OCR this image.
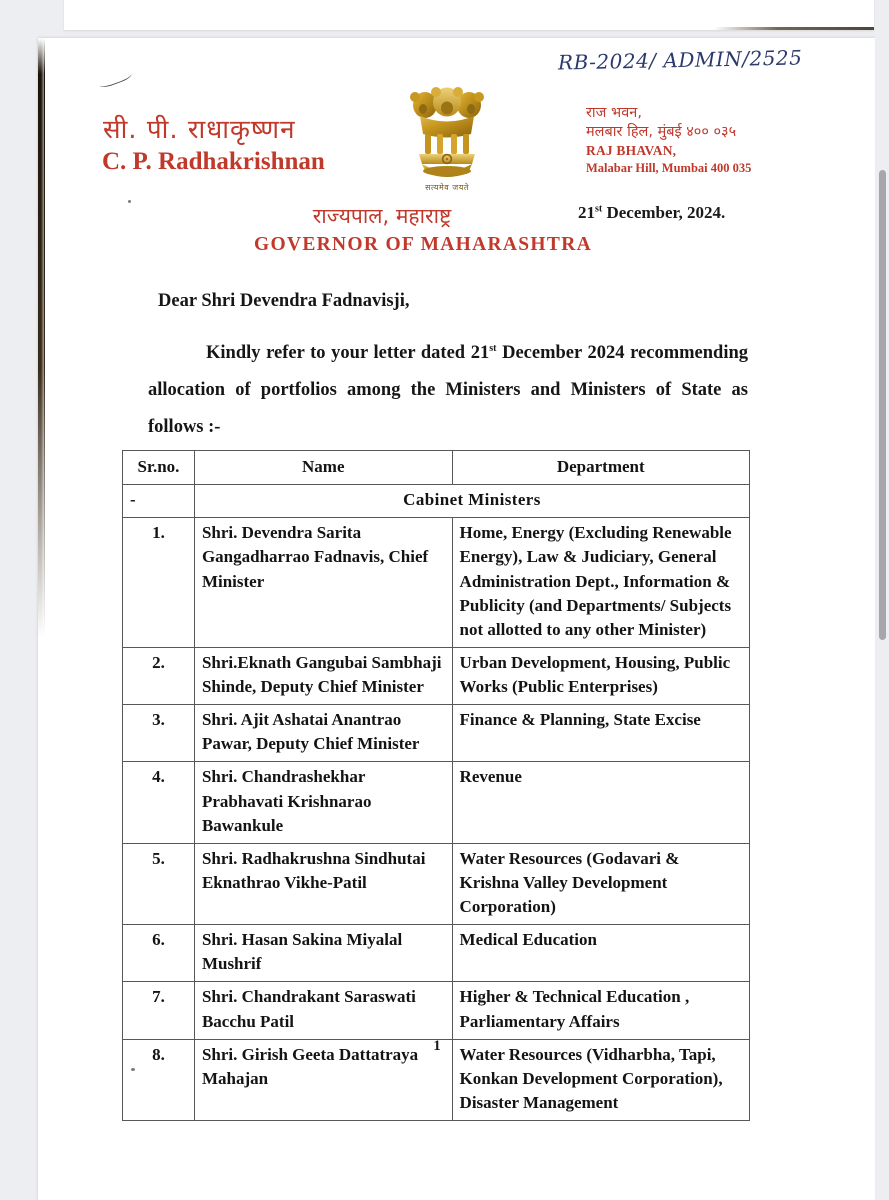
RB-2024/ ADMIN/2525
सी. पी. राधाकृष्णन
C. P. Radhakrishnan
सत्यमेव जयते
राज भवन,
मलबार हिल, मुंबई ४०० ०३५
RAJ BHAVAN,
Malabar Hill, Mumbai 400 035
राज्यपाल, महाराष्ट्र
GOVERNOR OF MAHARASHTRA
21st December, 2024.
Dear Shri Devendra Fadnavisji,
Kindly refer to your letter dated 21st December 2024 recommending allocation of portfolios among the Ministers and Ministers of State as follows :-
Sr.no.	Name	Department
-	Cabinet Ministers	
1.	Shri. Devendra Sarita Gangadharrao Fadnavis, Chief Minister	Home, Energy (Excluding Renewable Energy), Law & Judiciary, General Administration Dept., Information & Publicity (and Departments/ Subjects not allotted to any other Minister)
2.	Shri.Eknath Gangubai Sambhaji Shinde, Deputy Chief Minister	Urban Development, Housing, Public Works (Public Enterprises)
3.	Shri. Ajit Ashatai Anantrao Pawar, Deputy Chief Minister	Finance & Planning, State Excise
4.	Shri. Chandrashekhar Prabhavati Krishnarao Bawankule	Revenue
5.	Shri. Radhakrushna Sindhutai Eknathrao Vikhe-Patil	Water Resources (Godavari & Krishna Valley Development Corporation)
6.	Shri. Hasan Sakina Miyalal Mushrif	Medical Education
7.	Shri. Chandrakant Saraswati Bacchu Patil	Higher & Technical Education , Parliamentary Affairs
8.	Shri. Girish Geeta Dattatraya Mahajan	Water Resources (Vidharbha, Tapi, Konkan Development Corporation), Disaster Management
1
